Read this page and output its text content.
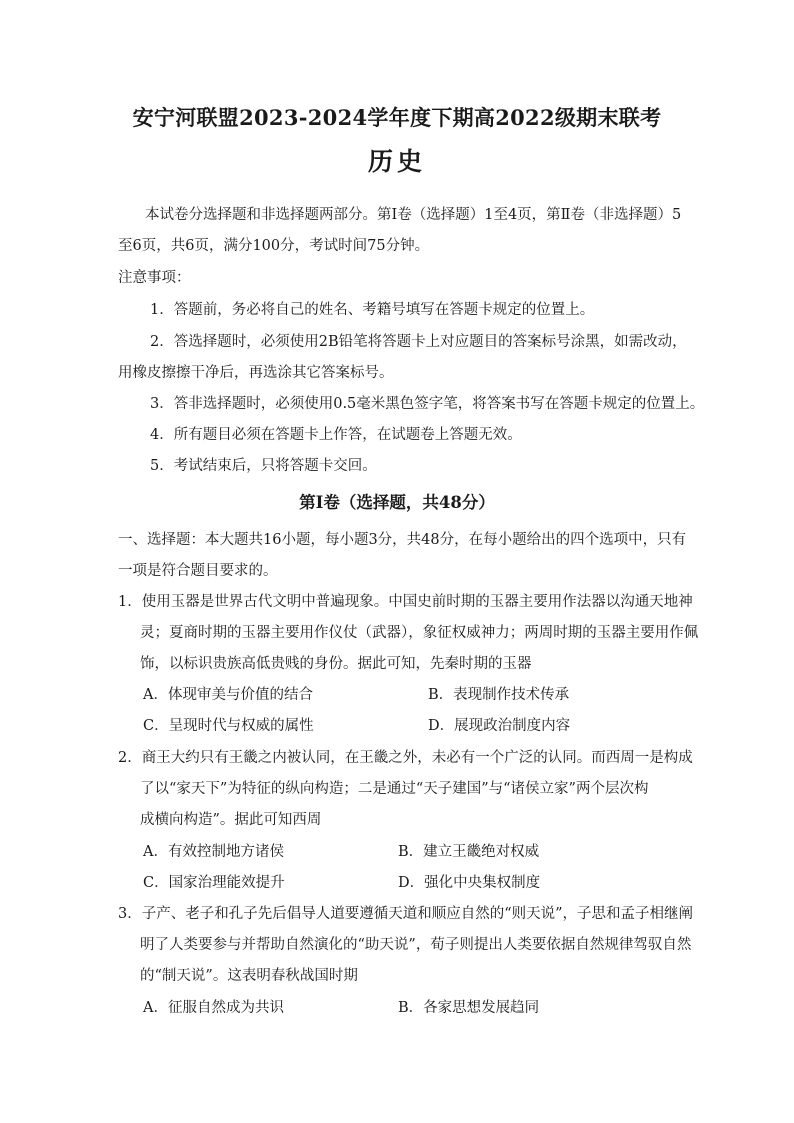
安宁河联盟2023-2024学年度下期高2022级期末联考
历史
本试卷分选择题和非选择题两部分。第Ⅰ卷（选择题）1至4页，第Ⅱ卷（非选择题）5
至6页，共6页，满分100分，考试时间75分钟。
注意事项：
1．答题前，务必将自己的姓名、考籍号填写在答题卡规定的位置上。
2．答选择题时，必须使用2B铅笔将答题卡上对应题目的答案标号涂黑，如需改动，
用橡皮擦擦干净后，再选涂其它答案标号。
3．答非选择题时，必须使用0.5毫米黑色签字笔，将答案书写在答题卡规定的位置上。
4．所有题目必须在答题卡上作答，在试题卷上答题无效。
5．考试结束后，只将答题卡交回。
第Ⅰ卷（选择题，共48分）
一、选择题：本大题共16小题，每小题3分，共48分，在每小题给出的四个选项中，只有
一项是符合题目要求的。
1．使用玉器是世界古代文明中普遍现象。中国史前时期的玉器主要用作法器以沟通天地神
灵；夏商时期的玉器主要用作仪仗（武器），象征权威神力；两周时期的玉器主要用作佩
饰，以标识贵族高低贵贱的身份。据此可知，先秦时期的玉器
A．体现审美与价值的结合	B．表现制作技术传承
C．呈现时代与权威的属性	D．展现政治制度内容
2．商王大约只有王畿之内被认同，在王畿之外，未必有一个广泛的认同。而西周一是构成
了以“家天下”为特征的纵向构造；二是通过“天子建国”与“诸侯立家”两个层次构
成横向构造”。据此可知西周
A．有效控制地方诸侯	B．建立王畿绝对权威
C．国家治理能效提升	D．强化中央集权制度
3．子产、老子和孔子先后倡导人道要遵循天道和顺应自然的“则天说”，子思和孟子相继阐
明了人类要参与并帮助自然演化的“助天说”，荀子则提出人类要依据自然规律驾驭自然
的“制天说”。这表明春秋战国时期
A．征服自然成为共识	B．各家思想发展趋同
